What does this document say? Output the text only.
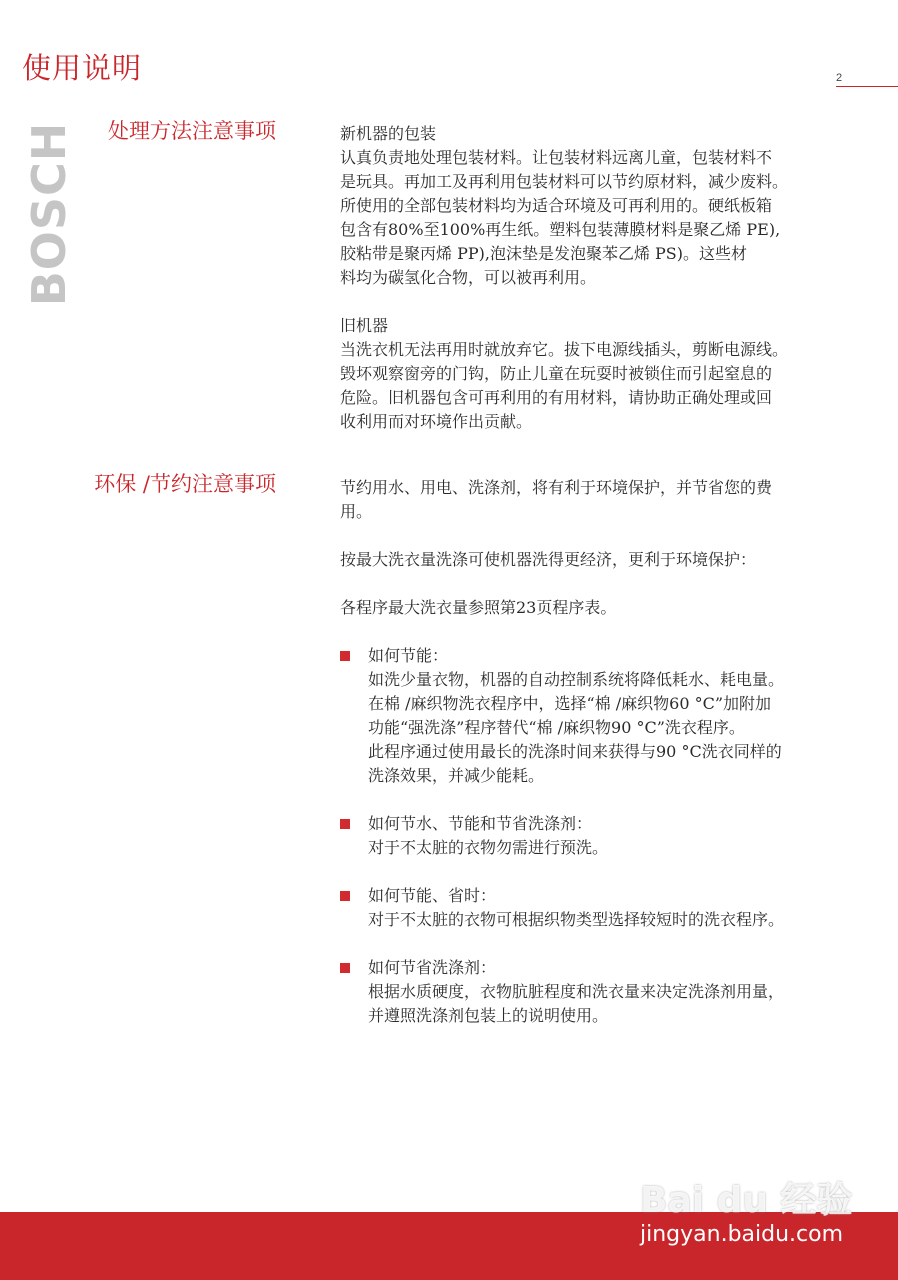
使用说明	2
BOSCH 处理方法注意事项
环保 /节约注意事项
新机器的包装
认真负责地处理包装材料。让包装材料远离儿童，包装材料不
是玩具。再加工及再利用包装材料可以节约原材料，减少废料。
所使用的全部包装材料均为适合环境及可再利用的。硬纸板箱
包含有80%至100%再生纸。塑料包装薄膜材料是聚乙烯 PE),
胶粘带是聚丙烯 PP),泡沫垫是发泡聚苯乙烯 PS)。这些材
料均为碳氢化合物，可以被再利用。
旧机器
当洗衣机无法再用时就放弃它。拔下电源线插头，剪断电源线。
毁坏观察窗旁的门钩，防止儿童在玩耍时被锁住而引起窒息的
危险。旧机器包含可再利用的有用材料，请协助正确处理或回
收利用而对环境作出贡献。
节约用水、用电、洗涤剂，将有利于环境保护，并节省您的费
用。
按最大洗衣量洗涤可使机器洗得更经济，更利于环境保护：
各程序最大洗衣量参照第23页程序表。
如何节能：
如洗少量衣物，机器的自动控制系统将降低耗水、耗电量。
在棉 /麻织物洗衣程序中，选择“棉 /麻织物60 °C”加附加
功能“强洗涤”程序替代“棉 /麻织物90 °C”洗衣程序。
此程序通过使用最长的洗涤时间来获得与90 °C洗衣同样的
洗涤效果，并减少能耗。
如何节水、节能和节省洗涤剂：
对于不太脏的衣物勿需进行预洗。
如何节能、省时：
对于不太脏的衣物可根据织物类型选择较短时的洗衣程序。
如何节省洗涤剂：
根据水质硬度，衣物肮脏程度和洗衣量来决定洗涤剂用量，
并遵照洗涤剂包装上的说明使用。
Bai du 经验
jingyan.baidu.com
